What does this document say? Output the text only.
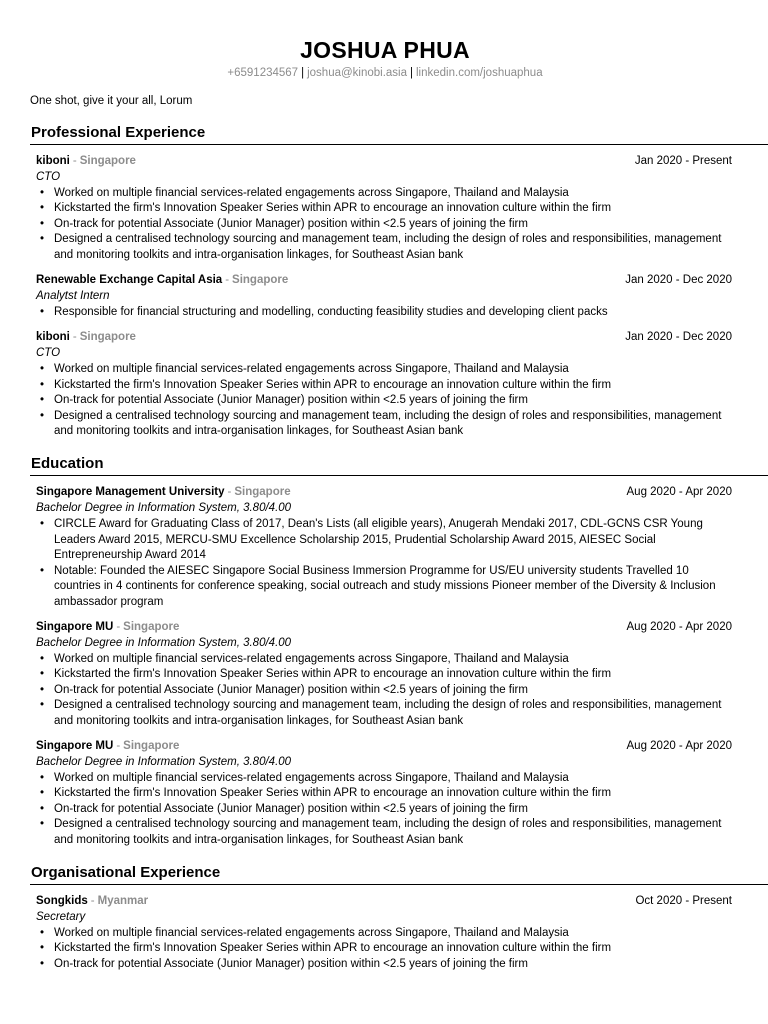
JOSHUA PHUA
+6591234567 | joshua@kinobi.asia | linkedin.com/joshuaphua
One shot, give it your all, Lorum
Professional Experience
kiboni - Singapore	Jan 2020 - Present
CTO
• Worked on multiple financial services-related engagements across Singapore, Thailand and Malaysia
• Kickstarted the firm's Innovation Speaker Series within APR to encourage an innovation culture within the firm
• On-track for potential Associate (Junior Manager) position within <2.5 years of joining the firm
• Designed a centralised technology sourcing and management team, including the design of roles and responsibilities, management and monitoring toolkits and intra-organisation linkages, for Southeast Asian bank
Renewable Exchange Capital Asia - Singapore	Jan 2020 - Dec 2020
Analytst Intern
• Responsible for financial structuring and modelling, conducting feasibility studies and developing client packs
kiboni - Singapore	Jan 2020 - Dec 2020
CTO
• Worked on multiple financial services-related engagements across Singapore, Thailand and Malaysia
• Kickstarted the firm's Innovation Speaker Series within APR to encourage an innovation culture within the firm
• On-track for potential Associate (Junior Manager) position within <2.5 years of joining the firm
• Designed a centralised technology sourcing and management team, including the design of roles and responsibilities, management and monitoring toolkits and intra-organisation linkages, for Southeast Asian bank
Education
Singapore Management University - Singapore	Aug 2020 - Apr 2020
Bachelor Degree in Information System, 3.80/4.00
• CIRCLE Award for Graduating Class of 2017, Dean's Lists (all eligible years), Anugerah Mendaki 2017, CDL-GCNS CSR Young Leaders Award 2015, MERCU-SMU Excellence Scholarship 2015, Prudential Scholarship Award 2015, AIESEC Social Entrepreneurship Award 2014
• Notable: Founded the AIESEC Singapore Social Business Immersion Programme for US/EU university students Travelled 10 countries in 4 continents for conference speaking, social outreach and study missions Pioneer member of the Diversity & Inclusion ambassador program
Singapore MU - Singapore	Aug 2020 - Apr 2020
Bachelor Degree in Information System, 3.80/4.00
• Worked on multiple financial services-related engagements across Singapore, Thailand and Malaysia
• Kickstarted the firm's Innovation Speaker Series within APR to encourage an innovation culture within the firm
• On-track for potential Associate (Junior Manager) position within <2.5 years of joining the firm
• Designed a centralised technology sourcing and management team, including the design of roles and responsibilities, management and monitoring toolkits and intra-organisation linkages, for Southeast Asian bank
Singapore MU - Singapore	Aug 2020 - Apr 2020
Bachelor Degree in Information System, 3.80/4.00
• Worked on multiple financial services-related engagements across Singapore, Thailand and Malaysia
• Kickstarted the firm's Innovation Speaker Series within APR to encourage an innovation culture within the firm
• On-track for potential Associate (Junior Manager) position within <2.5 years of joining the firm
• Designed a centralised technology sourcing and management team, including the design of roles and responsibilities, management and monitoring toolkits and intra-organisation linkages, for Southeast Asian bank
Organisational Experience
Songkids - Myanmar	Oct 2020 - Present
Secretary
• Worked on multiple financial services-related engagements across Singapore, Thailand and Malaysia
• Kickstarted the firm's Innovation Speaker Series within APR to encourage an innovation culture within the firm
• On-track for potential Associate (Junior Manager) position within <2.5 years of joining the firm
